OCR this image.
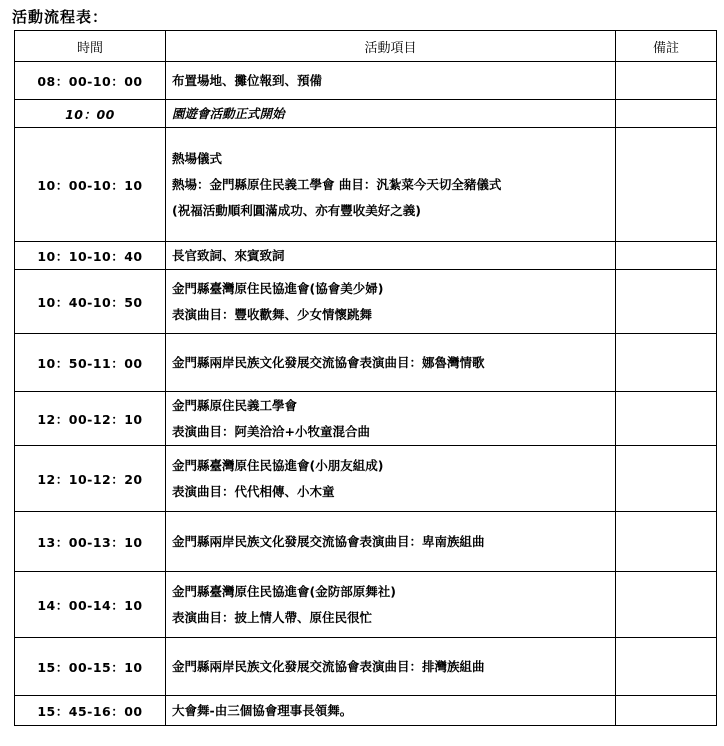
活動流程表：
時間	活動項目	備註
08：00-10：00	布置場地、攤位報到、預備	

10：00	園遊會活動正式開始	

10：00-10：10	熱場儀式
熱場：金門縣原住民義工學會 曲目：汎紮菜今天切全豬儀式
(祝福活動順利圓滿成功、亦有豐收美好之義)	

10：10-10：40	長官致詞、來賓致詞	

10：40-10：50	金門縣臺灣原住民協進會(協會美少婦)
表演曲目：豐收歡舞、少女情懷跳舞	

10：50-11：00	金門縣兩岸民族文化發展交流協會表演曲目：娜魯灣情歌	

12：00-12：10	金門縣原住民義工學會
表演曲目：阿美洽洽+小牧童混合曲	

12：10-12：20	金門縣臺灣原住民協進會(小朋友組成)
表演曲目：代代相傳、小木童	

13：00-13：10	金門縣兩岸民族文化發展交流協會表演曲目：卑南族組曲	

14：00-14：10	金門縣臺灣原住民協進會(金防部原舞社)
表演曲目：披上情人帶、原住民很忙	

15：00-15：10	金門縣兩岸民族文化發展交流協會表演曲目：排灣族組曲	

15：45-16：00	大會舞-由三個協會理事長領舞。	
